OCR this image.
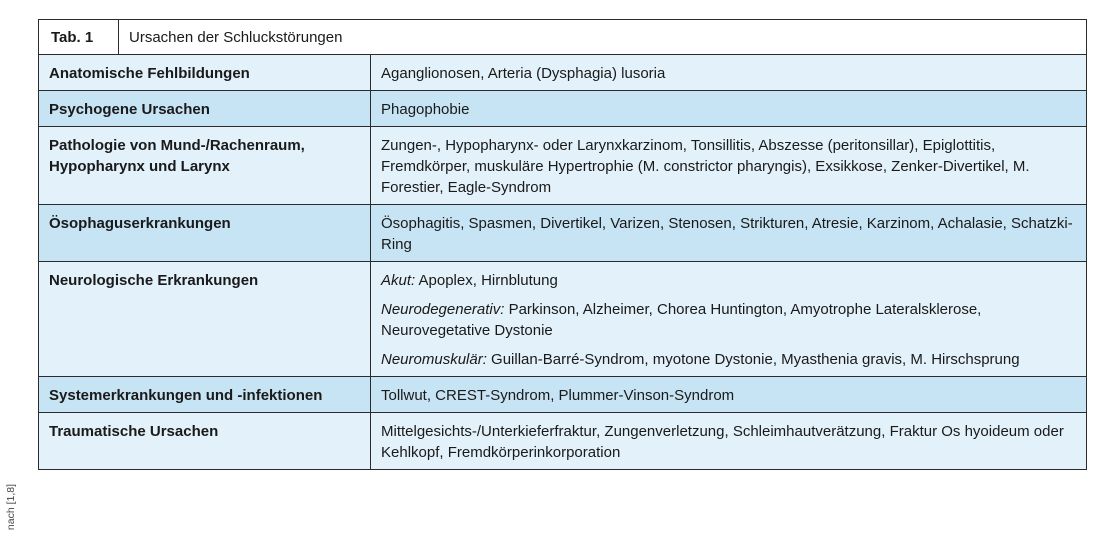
nach [1,8]
Tab. 1	Ursachen der Schluckstörungen	
Anatomische Fehlbildungen		Aganglionosen, Arteria (Dysphagia) lusoria
Psychogene Ursachen		Phagophobie
Pathologie von Mund-/Rachenraum, Hypopharynx und Larynx		Zungen-, Hypopharynx- oder Larynxkarzinom, Tonsillitis, Abszesse (peritonsillar), Epiglottitis, Fremdkörper, muskuläre Hypertrophie (M. constrictor pharyngis), Exsikkose, Zenker-Divertikel, M. Forestier, Eagle-Syndrom
Ösophaguserkrankungen		Ösophagitis, Spasmen, Divertikel, Varizen, Stenosen, Strikturen, Atresie, Karzinom, Achalasie, Schatzki-Ring
Neurologische Erkrankungen		Akut: Apoplex, Hirnblutung

Neurodegenerativ: Parkinson, Alzheimer, Chorea Huntington, Amyotrophe Lateralsklerose, Neurovegetative Dystonie

Neuromuskulär: Guillan-Barré-Syndrom, myotone Dystonie, Myasthenia gravis, M. Hirschsprung

Systemerkrankungen und -infektionen		Tollwut, CREST-Syndrom, Plummer-Vinson-Syndrom
Traumatische Ursachen		Mittelgesichts-/Unterkieferfraktur, Zungenverletzung, Schleimhautverätzung, Fraktur Os hyoideum oder Kehlkopf, Fremdkörperinkorporation
